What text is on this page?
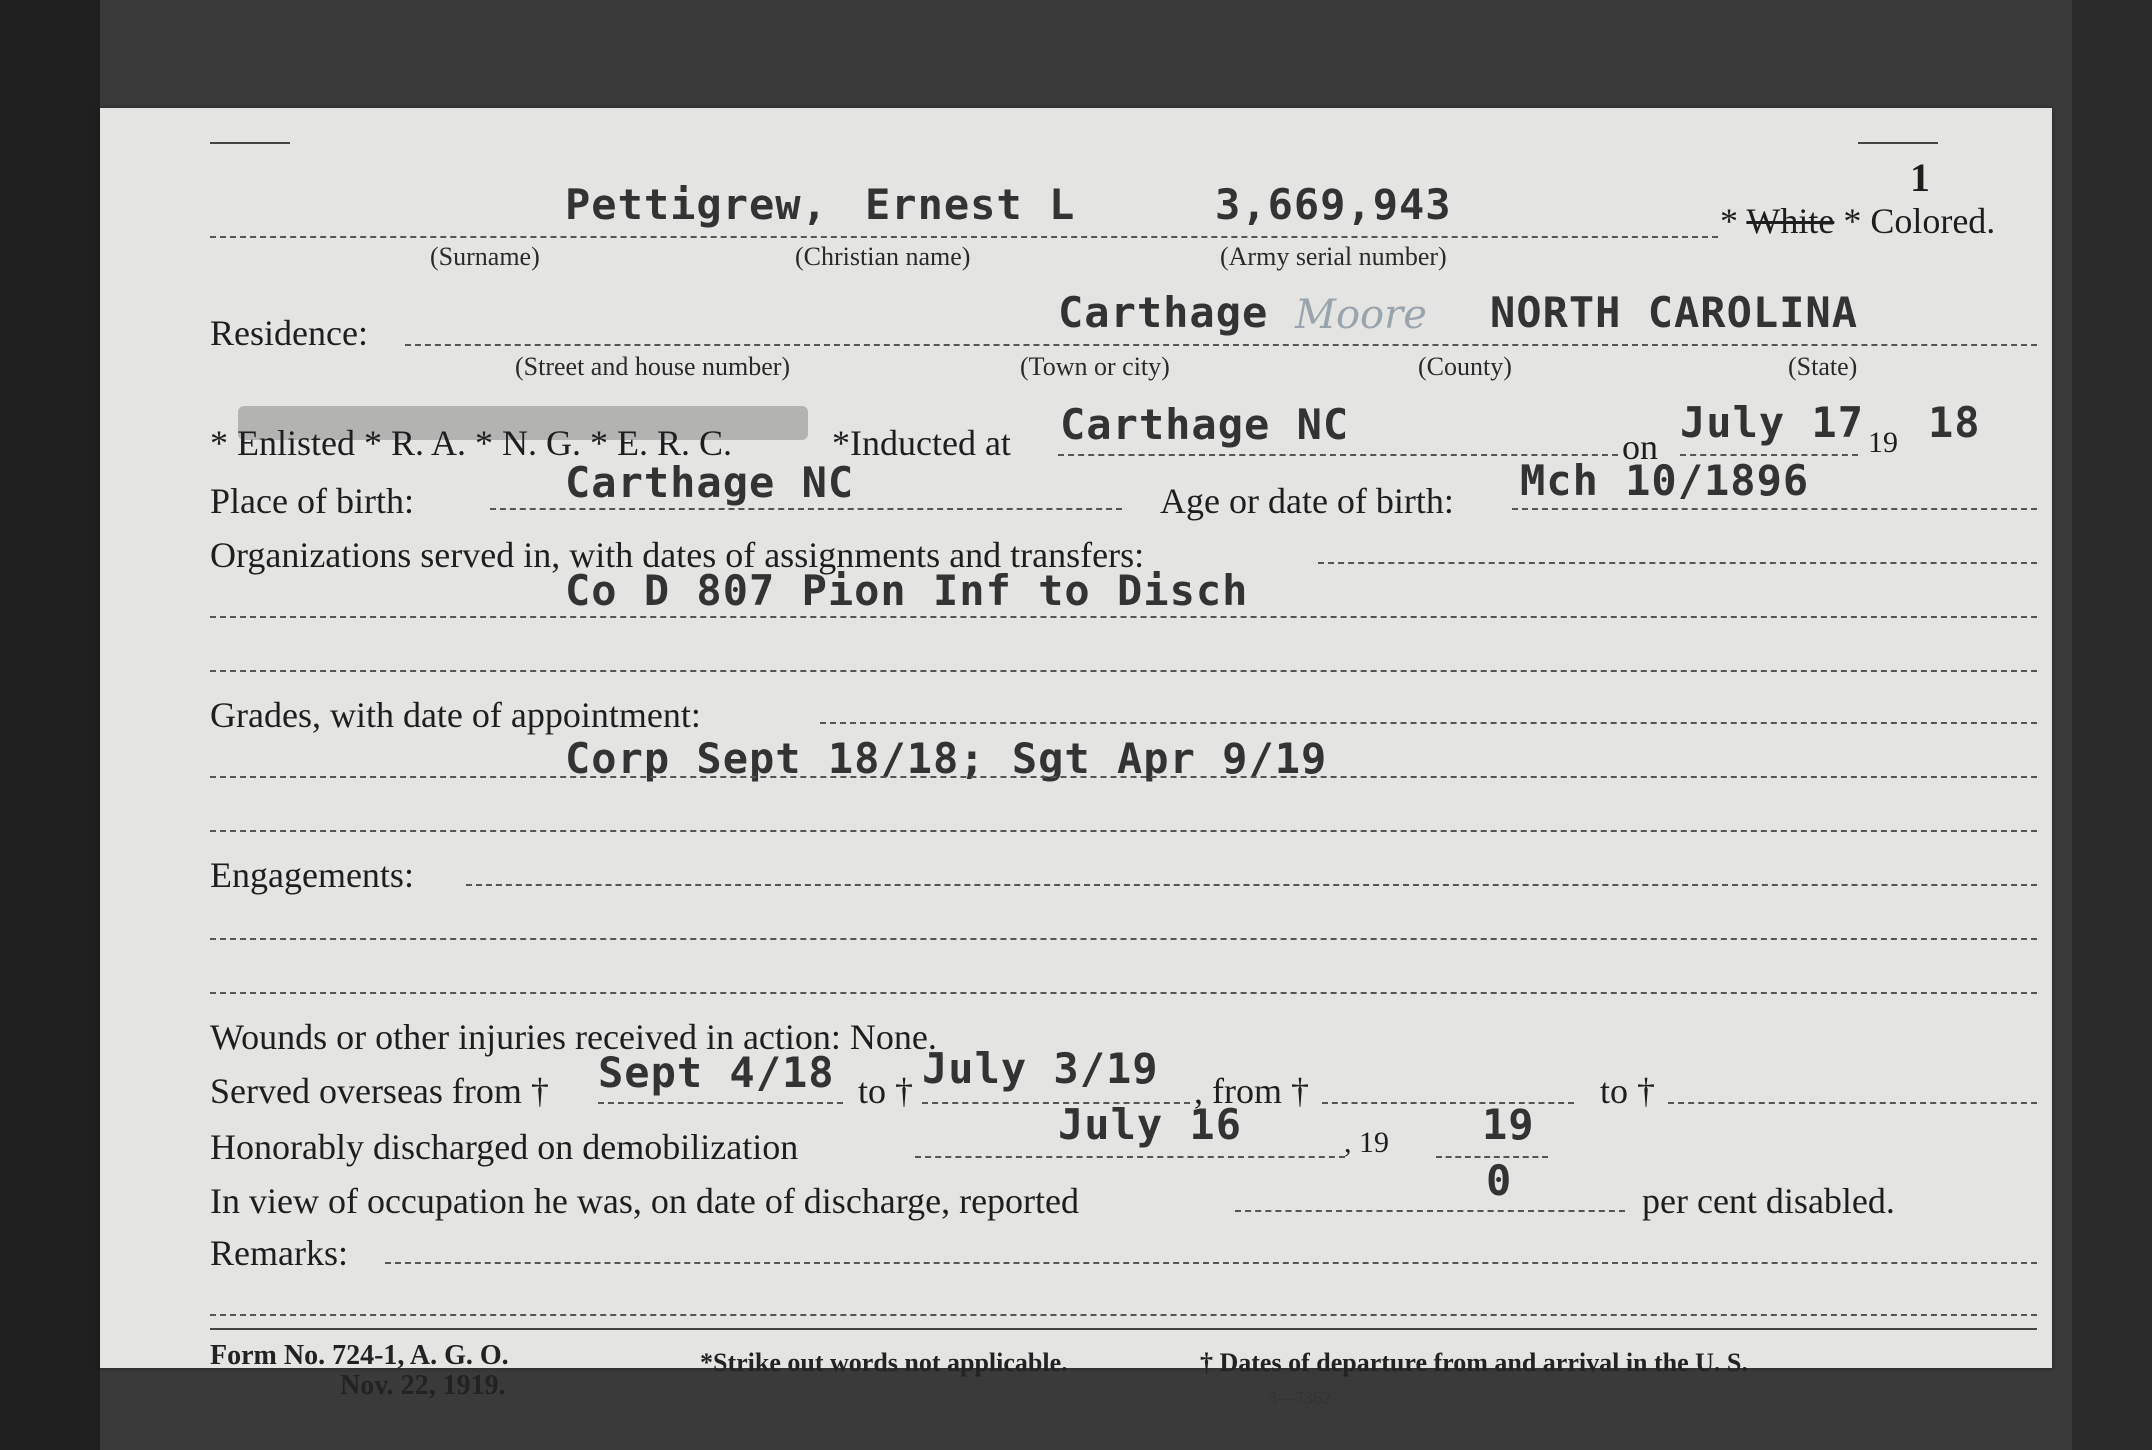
1
Pettigrew, Ernest L	3,669,943	* White * Colored.
(Surname)	(Christian name)	(Army serial number)
Residence:	Carthage Moore NORTH CAROLINA
(Street and house number)	(Town or city)	(County)	(State)
* Enlisted * R. A. * N. G. * E. R. C.	*Inducted at Carthage NC	on July 17 19 18
Place of birth:	Carthage NC	Age or date of birth: Mch 10/1896
Organizations served in, with dates of assignments and transfers:
Co D 807 Pion Inf to Disch
Grades, with date of appointment:
Corp Sept 18/18; Sgt Apr 9/19
Engagements:
Wounds or other injuries received in action: None.
Served overseas from † Sept 4/18 to † July 3/19 , from †	to †
Honorably discharged on demobilization	July 16	, 19 19
In view of occupation he was, on date of discharge, reported	0	per cent disabled.
Remarks:
Form No. 724-1, A. G. O.
Nov. 22, 1919.
*Strike out words not applicable.	† Dates of departure from and arrival in the U. S.
3—7362
